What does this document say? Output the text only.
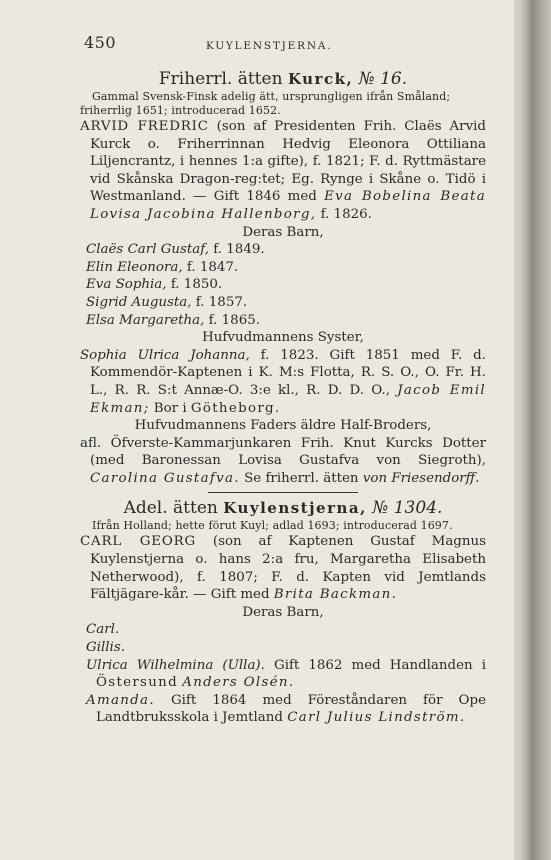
450	KUYLENSTJERNA.
Friherrl. ätten Kurck, № 16.
Gammal Svensk-Finsk adelig ätt, ursprungligen ifrån Småland; friherrlig 1651; introducerad 1652.
ARVID FREDRIC (son af Presidenten Frih. Claës Arvid Kurck o. Friherrinnan Hedvig Eleonora Ottiliana Liljencrantz, i hennes 1:a gifte), f. 1821; F. d. Ryttmästare vid Skånska Dragon-reg:tet; Eg. Rynge i Skåne o. Tidö i Westmanland. — Gift 1846 med Eva Bobelina Beata Lovisa Jacobina Hallenborg, f. 1826.
Deras Barn,
Claës Carl Gustaf, f. 1849.
Elin Eleonora, f. 1847.
Eva Sophia, f. 1850.
Sigrid Augusta, f. 1857.
Elsa Margaretha, f. 1865.
Hufvudmannens Syster,
Sophia Ulrica Johanna, f. 1823. Gift 1851 med F. d. Kommendör-Kaptenen i K. M:s Flotta, R. S. O., O. Fr. H. L., R. R. S:t Annæ-O. 3:e kl., R. D. D. O., Jacob Emil Ekman; Bor i Götheborg.
Hufvudmannens Faders äldre Half-Broders,
afl. Öfverste-Kammarjunkaren Frih. Knut Kurcks Dotter (med Baronessan Lovisa Gustafva von Siegroth), Carolina Gustafva. Se friherrl. ätten von Friesendorff.
Adel. ätten Kuylenstjerna, № 1304.
Ifrån Holland; hette förut Kuyl; adlad 1693; introducerad 1697.
CARL GEORG (son af Kaptenen Gustaf Magnus Kuylenstjerna o. hans 2:a fru, Margaretha Elisabeth Netherwood), f. 1807; F. d. Kapten vid Jemtlands Fältjägare-kår. — Gift med Brita Backman.
Deras Barn,
Carl.
Gillis.
Ulrica Wilhelmina (Ulla). Gift 1862 med Handlanden i Östersund Anders Olsén.
Amanda. Gift 1864 med Föreståndaren för Ope Landtbruksskola i Jemtland Carl Julius Lindström.
